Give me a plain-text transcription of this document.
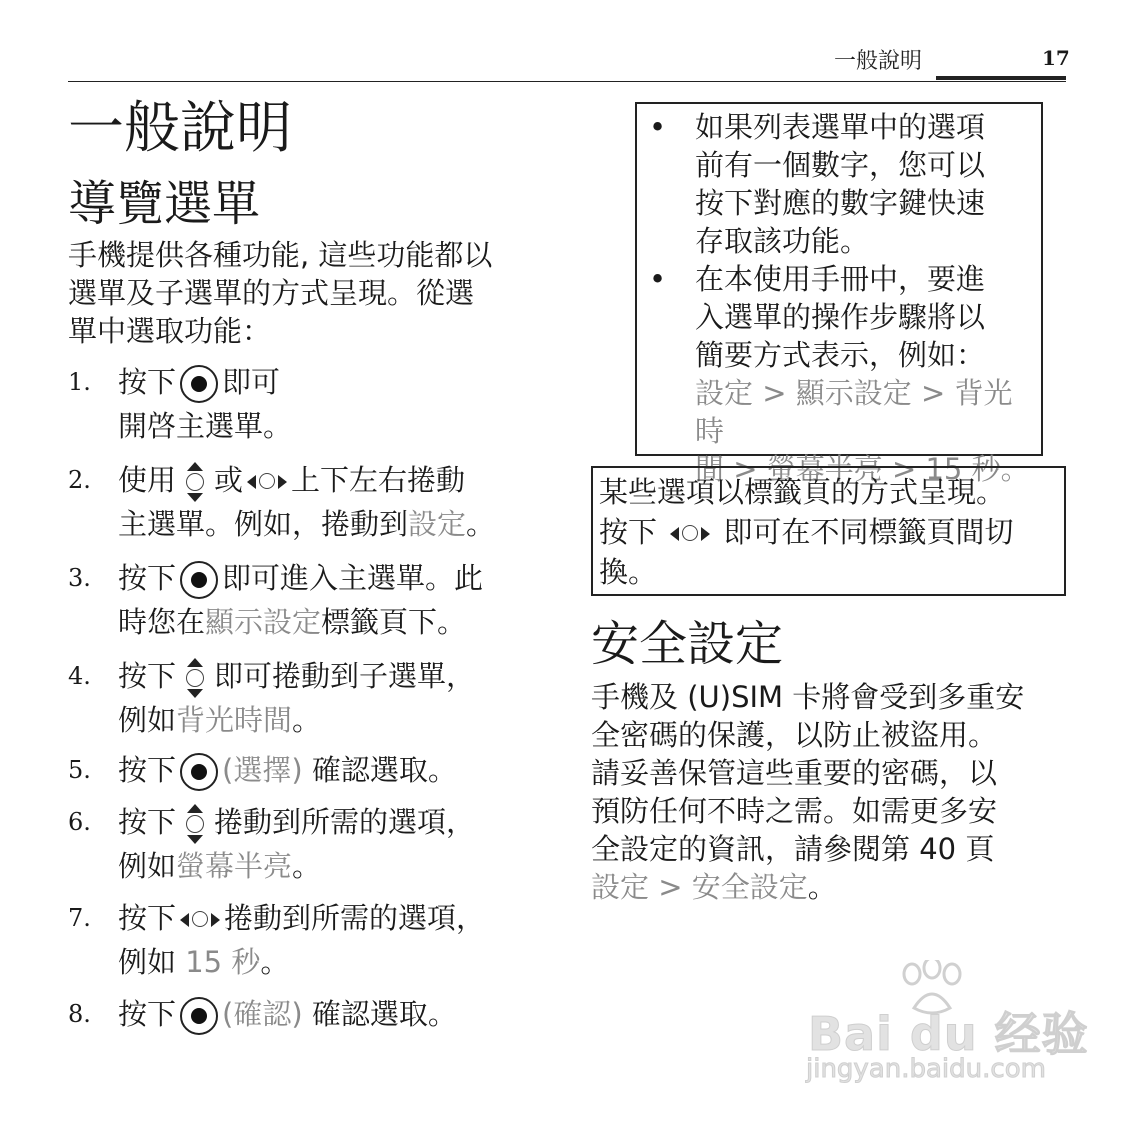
一般說明	17
一般說明
導覽選單
手機提供各種功能, 這些功能都以
選單及子選單的方式呈現。從選
單中選取功能：
1. 按下 即可
開啓主選單。
2. 使用 或 上下左右捲動
主選單。例如，捲動到設定。
3. 按下 即可進入主選單。此
時您在顯示設定標籤頁下。
4. 按下 即可捲動到子選單，
例如背光時間。
5. 按下 (選擇) 確認選取。
6. 按下 捲動到所需的選項，
例如螢幕半亮。
7. 按下 捲動到所需的選項，
例如 15 秒。
8. 按下 (確認) 確認選取。
• 如果列表選單中的選項
前有一個數字，您可以
按下對應的數字鍵快速
存取該功能。
• 在本使用手冊中，要進
入選單的操作步驟將以
簡要方式表示，例如：
設定 > 顯示設定 > 背光時
間 > 螢幕半亮 > 15 秒。
某些選項以標籤頁的方式呈現。
按下 即可在不同標籤頁間切
換。
安全設定
手機及 (U)SIM 卡將會受到多重安
全密碼的保護，以防止被盜用。
請妥善保管這些重要的密碼，以
預防任何不時之需。如需更多安
全設定的資訊，請參閱第 40 頁
設定 > 安全設定。
Bai du 经验
jingyan.baidu.com
